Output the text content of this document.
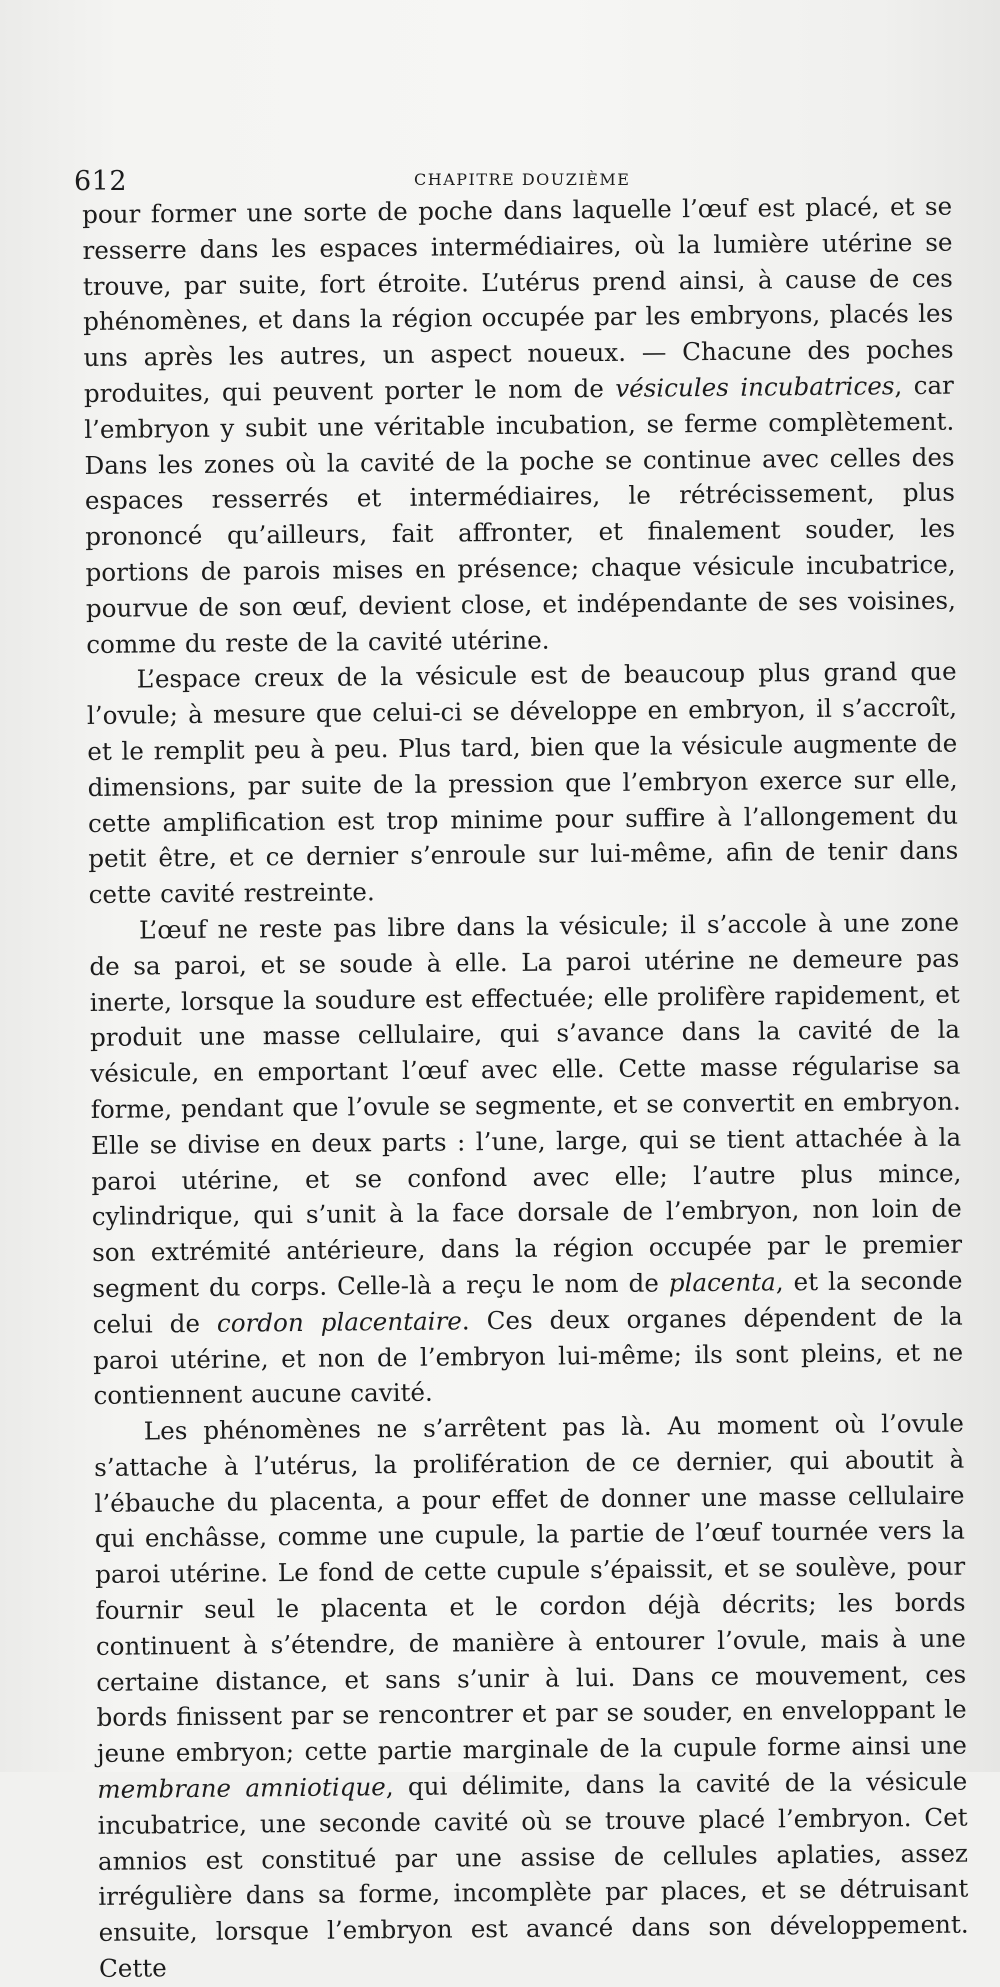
612	CHAPITRE DOUZIÈME

pour former une sorte de poche dans laquelle l’œuf est placé, et se resserre dans les espaces intermédiaires, où la lumière utérine se trouve, par suite, fort étroite. L’utérus prend ainsi, à cause de ces phénomènes, et dans la région occupée par les embryons, placés les uns après les autres, un aspect noueux. — Chacune des poches produites, qui peuvent porter le nom de vésicules incubatrices, car l’embryon y subit une véritable incubation, se ferme complètement. Dans les zones où la cavité de la poche se continue avec celles des espaces resserrés et intermédiaires, le rétrécissement, plus prononcé qu’ailleurs, fait affronter, et finalement souder, les portions de parois mises en présence; chaque vésicule incubatrice, pourvue de son œuf, devient close, et indépendante de ses voisines, comme du reste de la cavité utérine.

L’espace creux de la vésicule est de beaucoup plus grand que l’ovule; à mesure que celui-ci se développe en embryon, il s’accroît, et le remplit peu à peu. Plus tard, bien que la vésicule augmente de dimensions, par suite de la pression que l’embryon exerce sur elle, cette amplification est trop minime pour suffire à l’allongement du petit être, et ce dernier s’enroule sur lui-même, afin de tenir dans cette cavité restreinte.

L’œuf ne reste pas libre dans la vésicule; il s’accole à une zone de sa paroi, et se soude à elle. La paroi utérine ne demeure pas inerte, lorsque la soudure est effectuée; elle prolifère rapidement, et produit une masse cellulaire, qui s’avance dans la cavité de la vésicule, en emportant l’œuf avec elle. Cette masse régularise sa forme, pendant que l’ovule se segmente, et se convertit en embryon. Elle se divise en deux parts : l’une, large, qui se tient attachée à la paroi utérine, et se confond avec elle; l’autre plus mince, cylindrique, qui s’unit à la face dorsale de l’embryon, non loin de son extrémité antérieure, dans la région occupée par le premier segment du corps. Celle-là a reçu le nom de placenta, et la seconde celui de cordon placentaire. Ces deux organes dépendent de la paroi utérine, et non de l’embryon lui-même; ils sont pleins, et ne contiennent aucune cavité.

Les phénomènes ne s’arrêtent pas là. Au moment où l’ovule s’attache à l’utérus, la prolifération de ce dernier, qui aboutit à l’ébauche du placenta, a pour effet de donner une masse cellulaire qui enchâsse, comme une cupule, la partie de l’œuf tournée vers la paroi utérine. Le fond de cette cupule s’épaissit, et se soulève, pour fournir seul le placenta et le cordon déjà décrits; les bords continuent à s’étendre, de manière à entourer l’ovule, mais à une certaine distance, et sans s’unir à lui. Dans ce mouvement, ces bords finissent par se rencontrer et par se souder, en enveloppant le jeune embryon; cette partie marginale de la cupule forme ainsi une membrane amniotique, qui délimite, dans la cavité de la vésicule incubatrice, une seconde cavité où se trouve placé l’embryon. Cet amnios est constitué par une assise de cellules aplaties, assez irrégulière dans sa forme, incomplète par places, et se détruisant ensuite, lorsque l’embryon est avancé dans son développement. Cette
